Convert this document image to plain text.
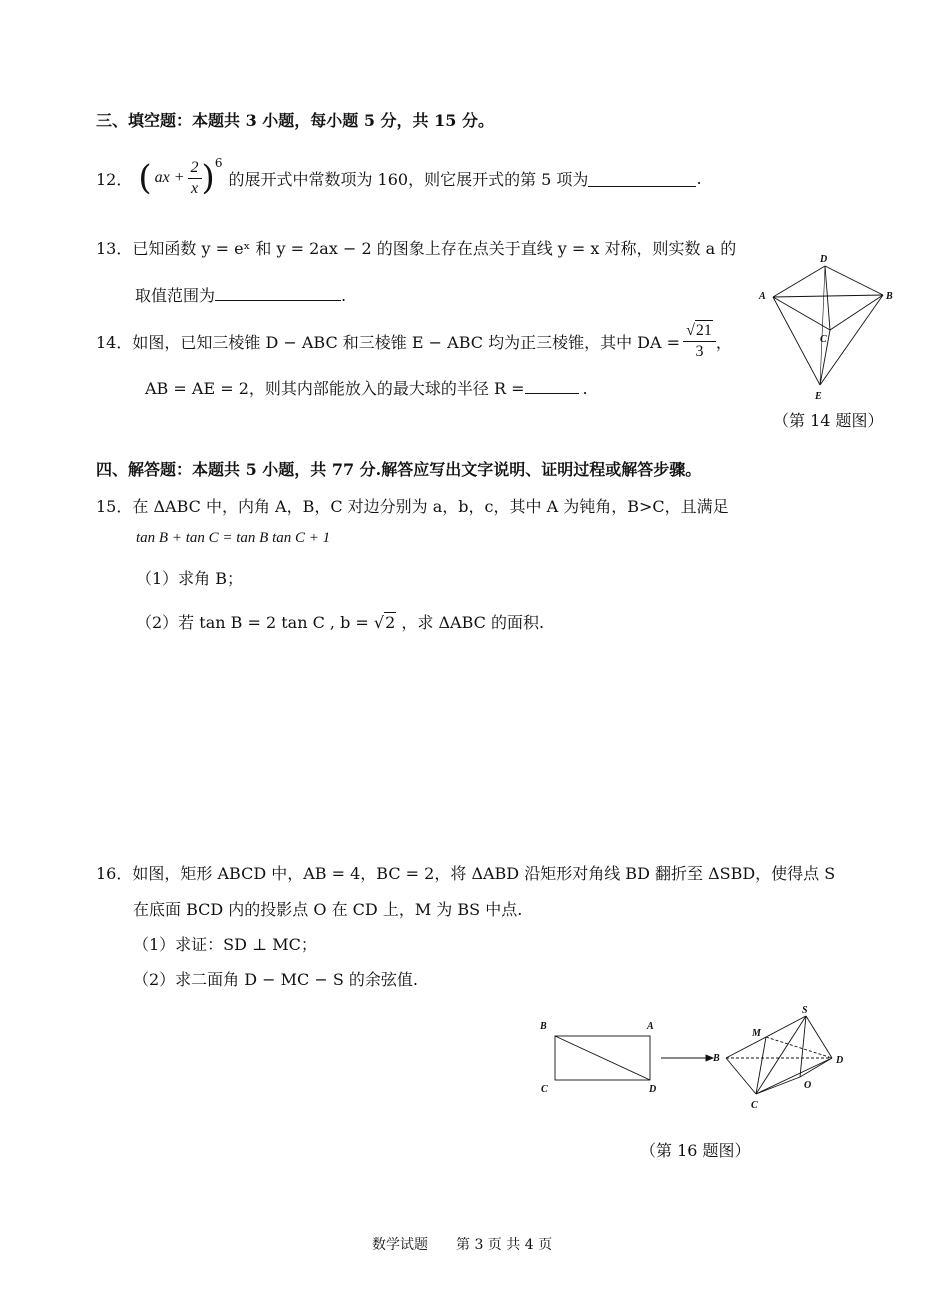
三、填空题：本题共 3 小题，每小题 5 分，共 15 分。
12． ( ax + $\frac{2}{x} )^6$
的展开式中常数项为 160，则它展开式的第 5 项为	.
13．已知函数 y = eˣ 和 y = 2ax − 2 的图象上存在点关于直线 y = x 对称，则实数 a 的
取值范围为	.
14． 如图，已知三棱锥 D − ABC 和三棱锥 E − ABC 均为正三棱锥，其中 DA = $\frac{√21}{3}$ ，
AB = AE = 2，则其内部能放入的最大球的半径 R =	.
D
A	B
C
E
（第 14 题图）
四、解答题：本题共 5 小题，共 77 分.解答应写出文字说明、证明过程或解答步骤。
15．在 ΔABC 中，内角 A，B，C 对边分别为 a，b，c，其中 A 为钝角，B>C，且满足
tan B + tan C = tan B tan C + 1
（1）求角 B；
（2）若 tan B = 2 tan C , b = √2 ，求 ΔABC 的面积.
16．如图，矩形 ABCD 中，AB = 4，BC = 2，将 ΔABD 沿矩形对角线 BD 翻折至 ΔSBD，使得点 S
在底面 BCD 内的投影点 O 在 CD 上，M 为 BS 中点.
（1）求证：SD ⊥ MC；
（2）求二面角 D − MC − S 的余弦值.
B	A
C	D
B
M
S
D
O
C
（第 16 题图）
数学试题　　第 3 页 共 4 页
